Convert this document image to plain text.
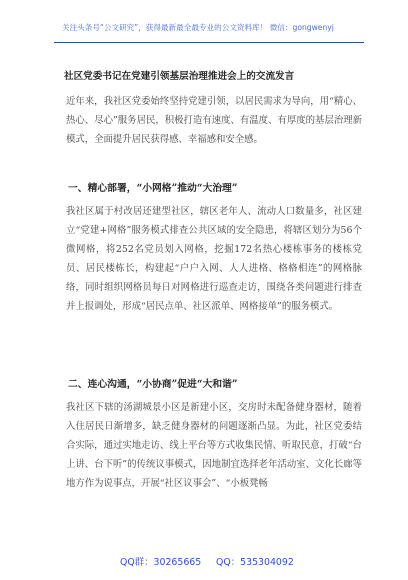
关注头条号“公文研究”，获得最新最全最专业的公文资料库！ 微信：gongwenyj
社区党委书记在党建引领基层治理推进会上的交流发言
近年来，我社区党委始终坚持党建引领，以居民需求为导向，用“精心、热心、尽心”服务居民，积极打造有速度、有温度、有厚度的基层治理新模式，全面提升居民获得感、幸福感和安全感。
一、精心部署，“小网格”推动“大治理”
我社区属于村改居还建型社区，辖区老年人、流动人口数量多，社区建立“党建+网格”服务模式排查公共区域的安全隐患，将辖区划分为56个微网格，将252名党员划入网格，挖掘172名热心楼栋事务的楼栋党员、居民楼栋长，构建起“户户入网、人人进格、格格相连”的网格脉络，同时组织网格员每日对网格进行巡查走访，围绕各类问题进行排查并上报调处，形成“居民点单、社区派单、网格接单”的服务模式。
二、连心沟通，“小协商”促进“大和谐”
我社区下辖的汤湖城景小区是新建小区，交房时未配备健身器材，随着入住居民日渐增多，缺乏健身器材的问题逐渐凸显。为此，社区党委结合实际，通过实地走访、线上平台等方式收集民情、听取民意，打破“台上讲、台下听”的传统议事模式，因地制宜选择老年活动室、文化长廊等地方作为说事点，开展“社区议事会”、“小板凳畅
QQ群：30265665 QQ：535304092
